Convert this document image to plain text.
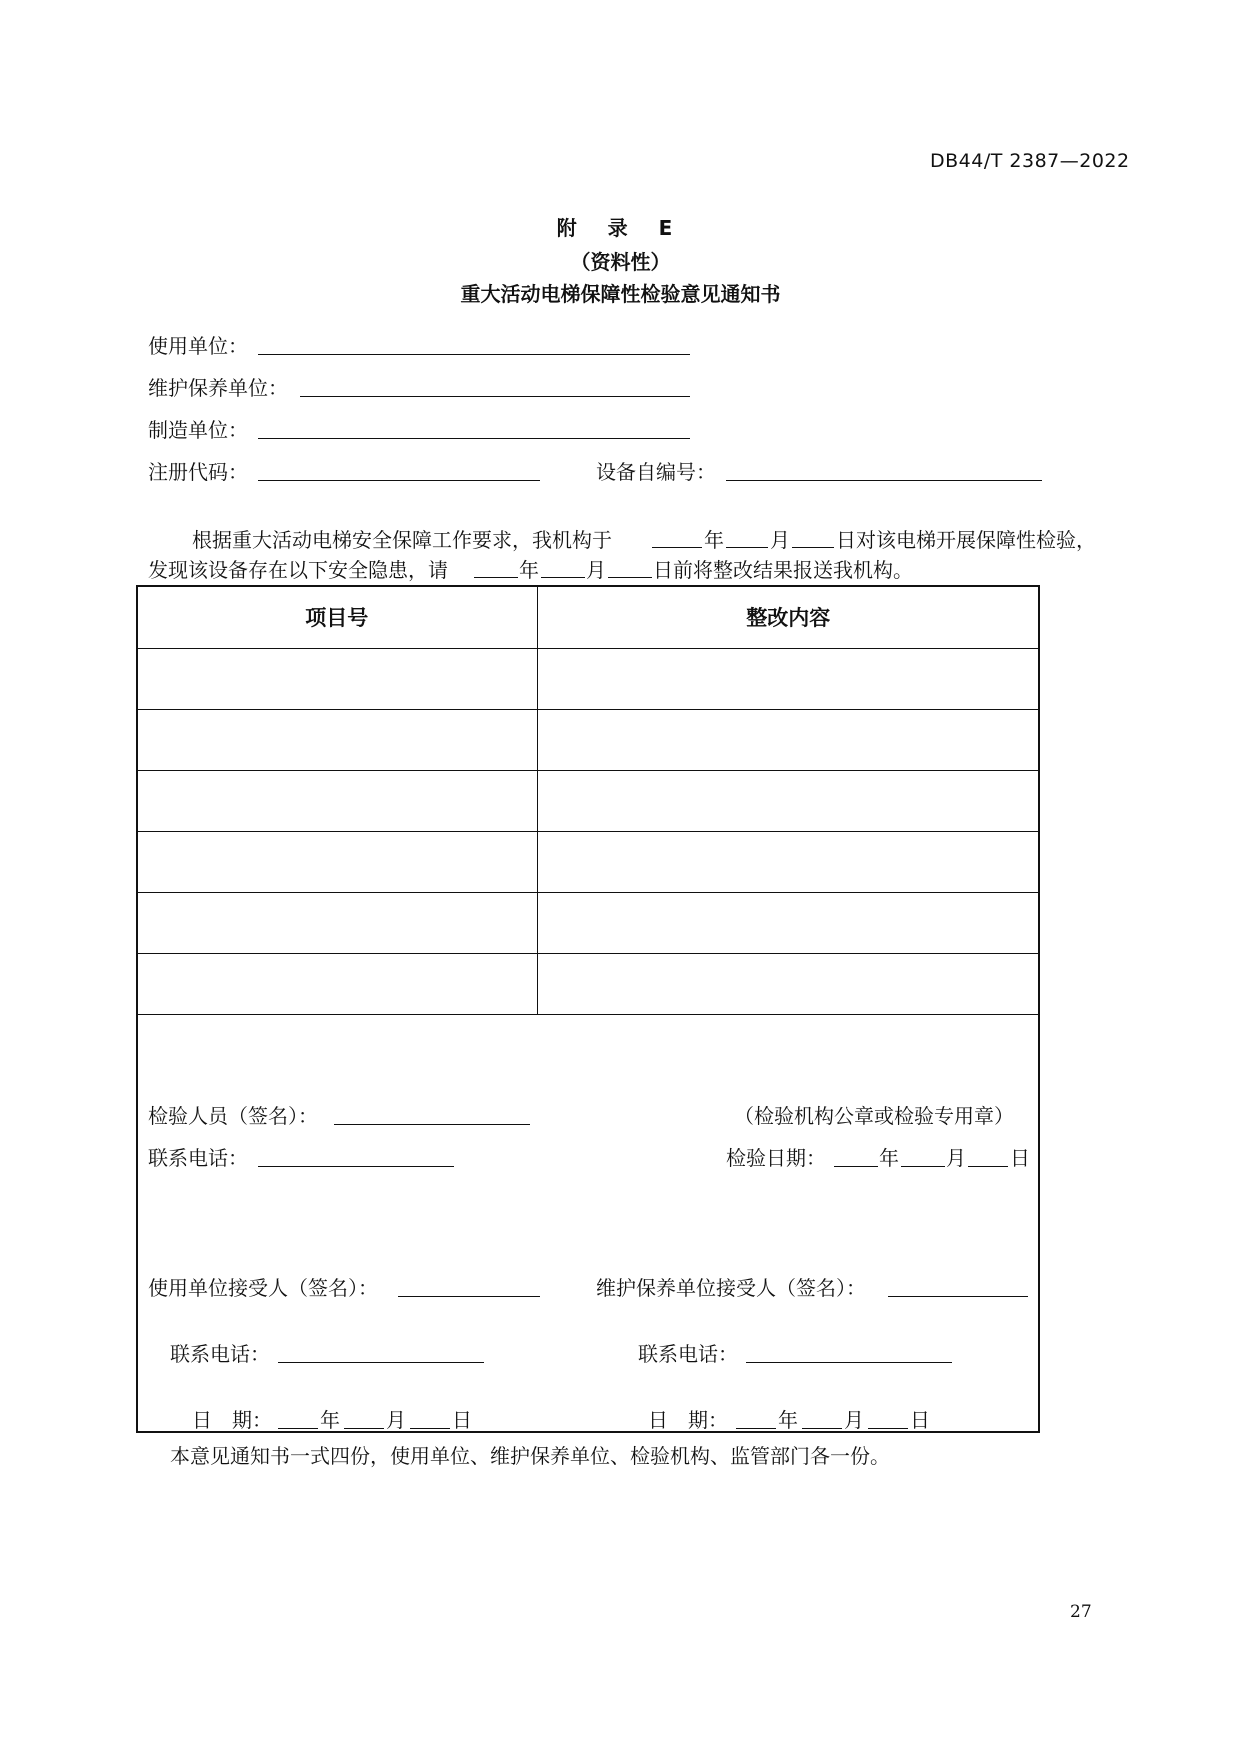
DB44/T 2387—2022
附 录 E
（资料性）
重大活动电梯保障性检验意见通知书
使用单位：
维护保养单位：
制造单位：
注册代码：	设备自编号：
根据重大活动电梯安全保障工作要求，我机构于	年 月 日对该电梯开展保障性检验，
发现该设备存在以下安全隐患，请	年 月 日前将整改结果报送我机构。
项目号	整改内容

检验人员（签名）：	（检验机构公章或检验专用章）
联系电话：	检验日期：	年 月 日
使用单位接受人（签名）：	维护保养单位接受人（签名）：
联系电话：	联系电话：
日　期： 年 月 日	日　期：	年 月 日
本意见通知书一式四份，使用单位、维护保养单位、检验机构、监管部门各一份。
27
